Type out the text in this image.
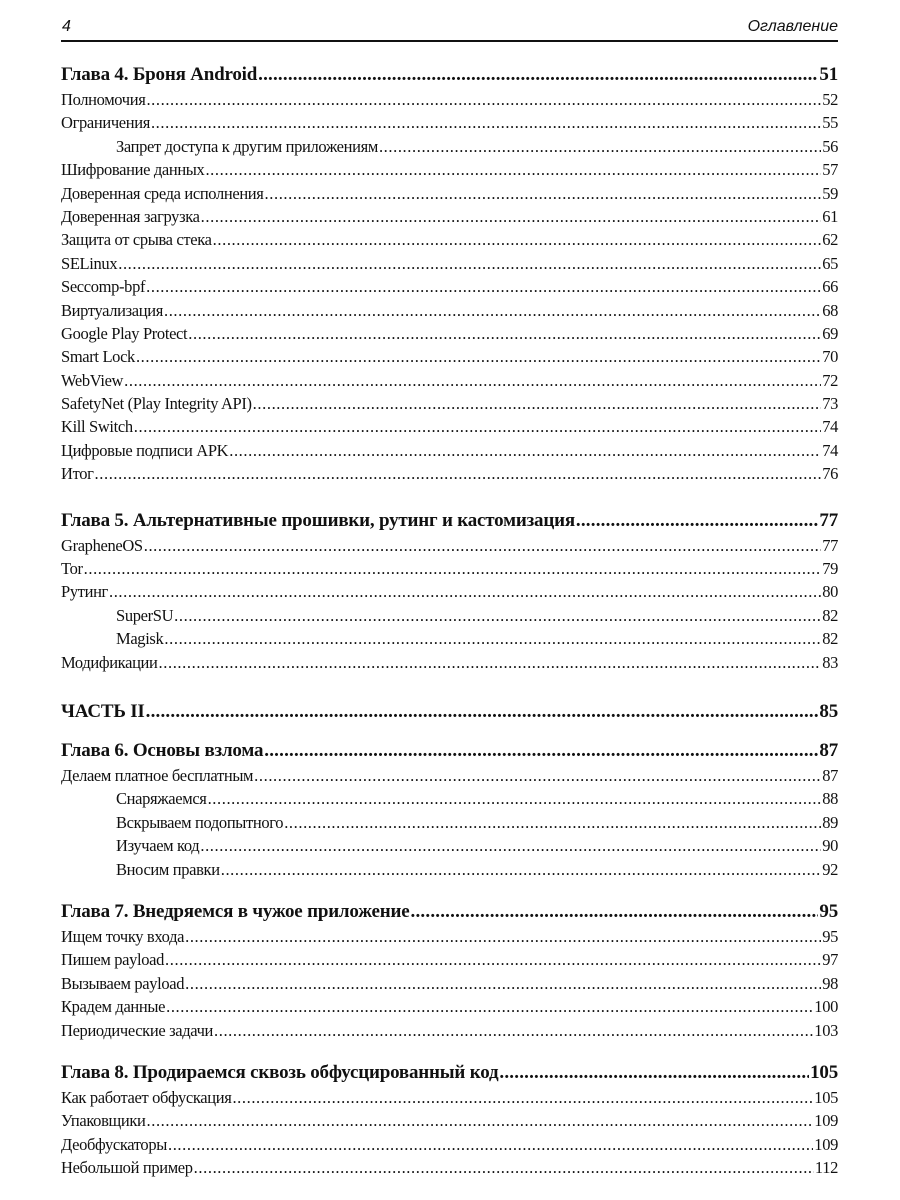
4	Оглавление
Глава 4. Броня Android .....	51
Полномочия .....	52
Ограничения .....	55
Запрет доступа к другим приложениям .....	56
Шифрование данных .....	57
Доверенная среда исполнения .....	59
Доверенная загрузка .....	61
Защита от срыва стека .....	62
SELinux .....	65
Seccomp-bpf .....	66
Виртуализация .....	68
Google Play Protect .....	69
Smart Lock .....	70
WebView .....	72
SafetyNet (Play Integrity API) .....	73
Kill Switch .....	74
Цифровые подписи APK .....	74
Итог .....	76
Глава 5. Альтернативные прошивки, рутинг и кастомизация .....	77
GrapheneOS .....	77
Tor .....	79
Рутинг .....	80
SuperSU .....	82
Magisk .....	82
Модификации .....	83
ЧАСТЬ II .....	85
Глава 6. Основы взлома .....	87
Делаем платное бесплатным .....	87
Снаряжаемся .....	88
Вскрываем подопытного .....	89
Изучаем код .....	90
Вносим правки .....	92
Глава 7. Внедряемся в чужое приложение .....	95
Ищем точку входа .....	95
Пишем payload .....	97
Вызываем payload .....	98
Крадем данные .....	100
Периодические задачи .....	103
Глава 8. Продираемся сквозь обфусцированный код .....	105
Как работает обфускация .....	105
Упаковщики .....	109
Деобфускаторы .....	109
Небольшой пример .....	112
